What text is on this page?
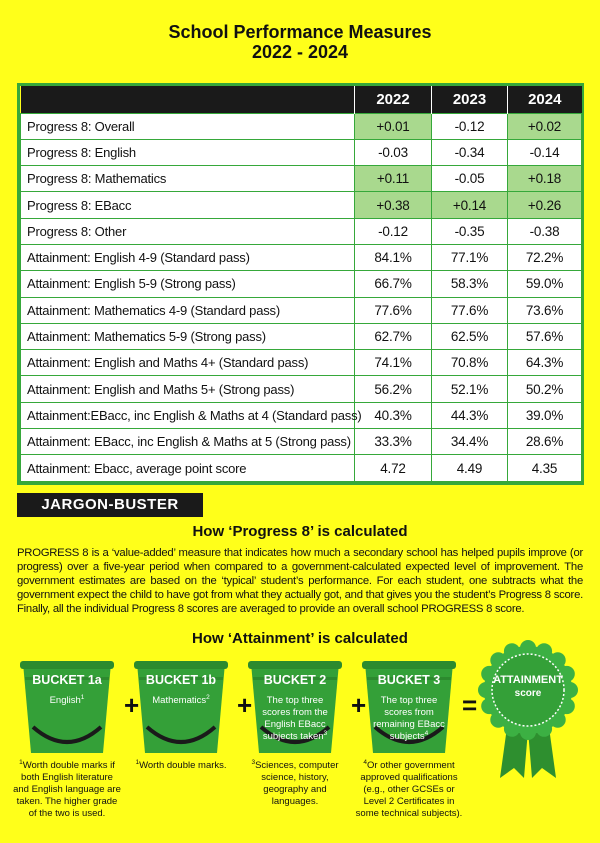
School Performance Measures
2022 - 2024
	2022	2023	2024
Progress 8: Overall	+0.01	-0.12	+0.02
Progress 8: English	-0.03	-0.34	-0.14
Progress 8: Mathematics	+0.11	-0.05	+0.18
Progress 8: EBacc	+0.38	+0.14	+0.26
Progress 8: Other	-0.12	-0.35	-0.38
Attainment: English 4-9 (Standard pass)	84.1%	77.1%	72.2%
Attainment: English 5-9 (Strong pass)	66.7%	58.3%	59.0%
Attainment: Mathematics 4-9 (Standard pass)	77.6%	77.6%	73.6%
Attainment: Mathematics 5-9 (Strong pass)	62.7%	62.5%	57.6%
Attainment: English and Maths 4+ (Standard pass)	74.1%	70.8%	64.3%
Attainment: English and Maths 5+ (Strong pass)	56.2%	52.1%	50.2%
Attainment:EBacc, inc English & Maths at 4 (Standard pass)	40.3%	44.3%	39.0%
Attainment: EBacc, inc English & Maths at 5 (Strong pass)	33.3%	34.4%	28.6%
Attainment: Ebacc, average point score	4.72	4.49	4.35
JARGON-BUSTER
How ‘Progress 8’ is calculated
PROGRESS 8 is a ‘value-added’ measure that indicates how much a secondary school has helped pupils improve (or progress) over a five-year period when compared to a government-calculated expected level of improvement. The government estimates are based on the ‘typical’ student’s performance. For each student, one subtracts what the government expect the child to have got from what they actually got, and that gives you the student’s Progress 8 score. Finally, all the individual Progress 8 scores are averaged to provide an overall school PROGRESS 8 score.
How ‘Attainment’ is calculated
BUCKET 1a
English$^1$
$^1$Worth double marks if both English literature and English language are taken. The higher grade of the two is used.
BUCKET 1b
Mathematics$^2$
$^1$Worth double marks.
BUCKET 2
The top three scores from the English EBacc subjects taken$^3$
$^3$Sciences, computer science, history, geography and languages.
BUCKET 3
The top three scores from remaining EBacc subjects$^4$
$^4$Or other government approved qualifications (e.g., other GCSEs or Level 2 Certificates in some technical subjects).
+	+	+	=
ATTAINMENT
score
